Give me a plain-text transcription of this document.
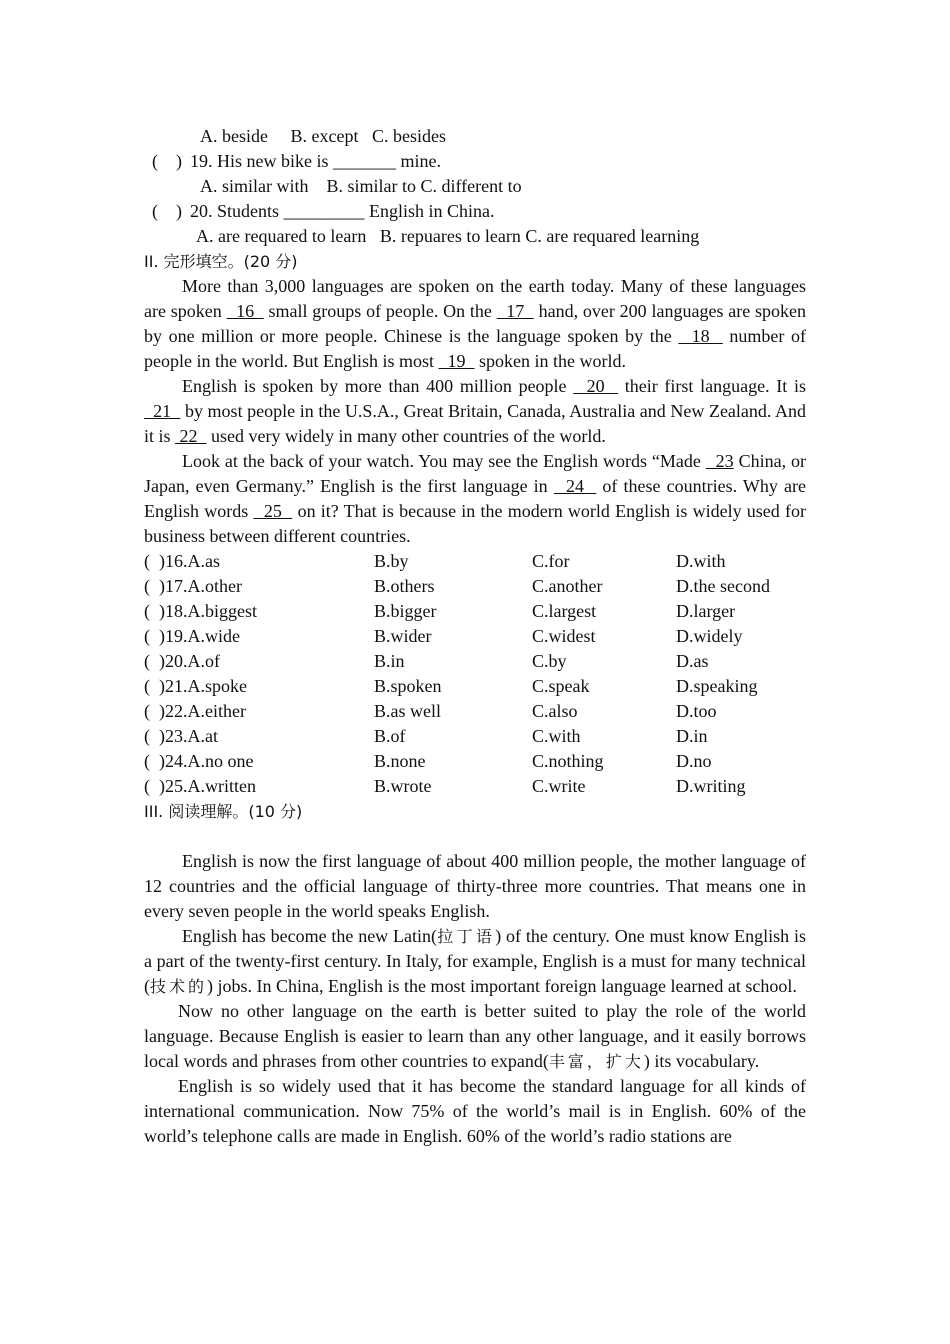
A. beside     B. except   C. besides
(    ) 19. His new bike is _______ mine.
A. similar with    B. similar to C. different to
(    ) 20. Students _________ English in China.
A. are requared to learn   B. repuares to learn C. are requared learning
II. 完形填空。(20 分)

More than 3,000 languages are spoken on the earth today. Many of these languages are spoken   16   small groups of people. On the   17   hand, over 200 languages are spoken by one million or more people. Chinese is the language spoken by the   18   number of people in the world. But English is most   19   spoken in the world.

English is spoken by more than 400 million people   20   their first language. It is   21   by most people in the U.S.A., Great Britain, Canada, Australia and New Zealand. And it is  22   used very widely in many other countries of the world.

Look at the back of your watch. You may see the English words “Made   23 China, or Japan, even Germany.” English is the first language in   24   of these countries. Why are English words   25   on it? That is because in the modern world English is widely used for business between different countries.

(  )16.A.as	B.by	C.for	D.with
(  )17.A.other	B.others	C.another	D.the second
(  )18.A.biggest	B.bigger	C.largest	D.larger
(  )19.A.wide	B.wider	C.widest	D.widely
(  )20.A.of	B.in	C.by	D.as
(  )21.A.spoke	B.spoken	C.speak	D.speaking
(  )22.A.either	B.as well	C.also	D.too
(  )23.A.at	B.of	C.with	D.in
(  )24.A.no one	B.none	C.nothing	D.no
(  )25.A.written	B.wrote	C.write	D.writing
III. 阅读理解。(10 分)

English is now the first language of about 400 million people, the mother language of 12 countries and the official language of thirty-three more countries. That means one in every seven people in the world speaks English.

English has become the new Latin(拉丁语) of the century. One must know English is a part of the twenty-first century. In Italy, for example, English is a must for many technical (技术的) jobs. In China, English is the most important foreign language learned at school.

Now no other language on the earth is better suited to play the role of the world language. Because English is easier to learn than any other language, and it easily borrows local words and phrases from other countries to expand(丰富，扩大) its vocabulary.

English is so widely used that it has become the standard language for all kinds of international communication. Now 75% of the world’s mail is in English. 60% of the world’s telephone calls are made in English. 60% of the world’s radio stations are
